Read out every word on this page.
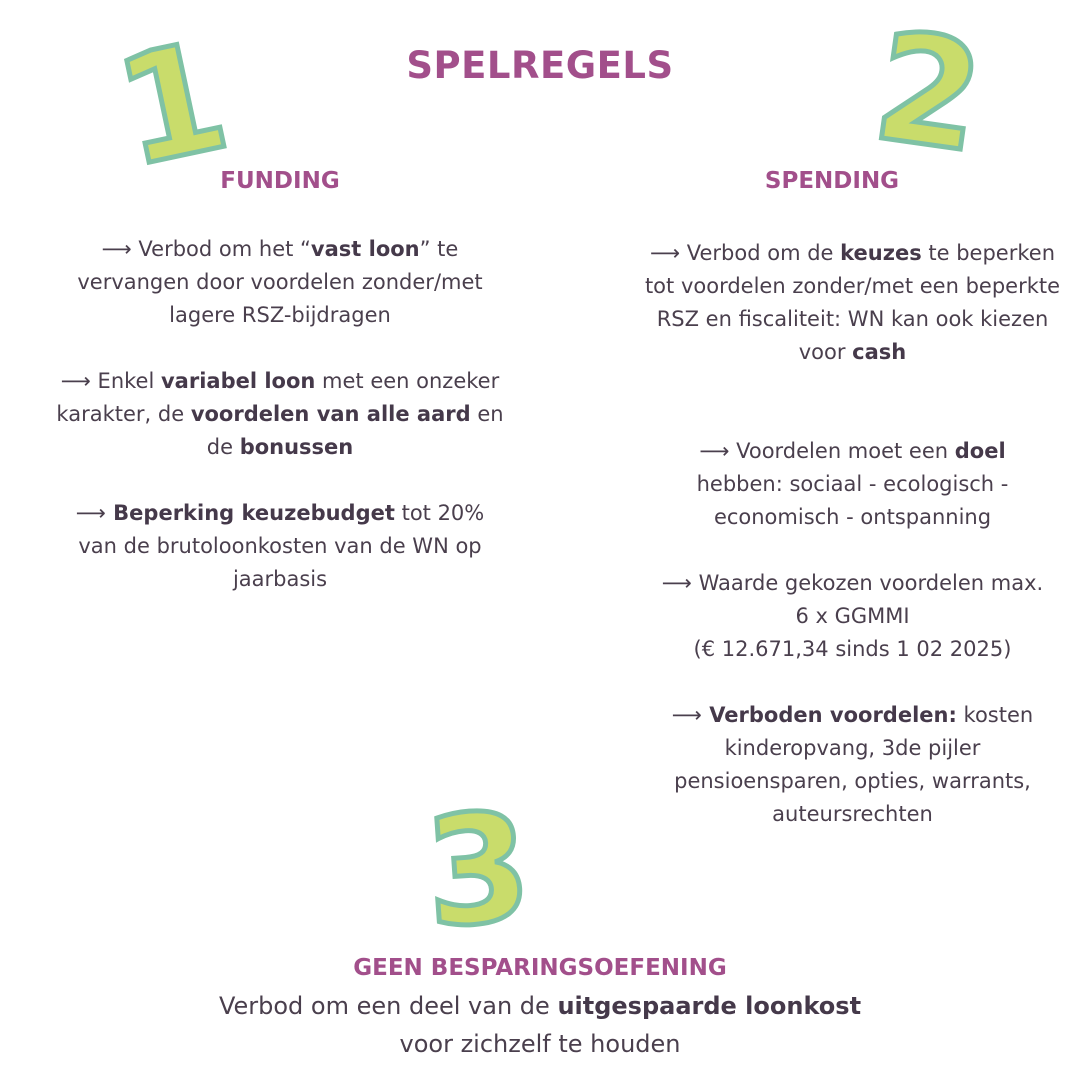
1	2
3
SPELREGELS
FUNDING
⟶ Verbod om het “vast loon” te vervangen door voordelen zonder/met lagere RSZ-bijdragen
⟶ Enkel variabel loon met een onzeker karakter, de voordelen van alle aard en de bonussen
⟶ Beperking keuzebudget tot 20% van de brutoloonkosten van de WN op jaarbasis
SPENDING
⟶ Verbod om de keuzes te beperken tot voordelen zonder/met een beperkte RSZ en fiscaliteit: WN kan ook kiezen voor cash
⟶ Voordelen moet een doel hebben: sociaal - ecologisch - economisch - ontspanning
⟶ Waarde gekozen voordelen max.
6 x GGMMI
(€ 12.671,34 sinds 1 02 2025)
⟶ Verboden voordelen: kosten kinderopvang, 3de pijler pensioensparen, opties, warrants, auteursrechten
GEEN BESPARINGSOEFENING
Verbod om een deel van de uitgespaarde loonkost voor zichzelf te houden
